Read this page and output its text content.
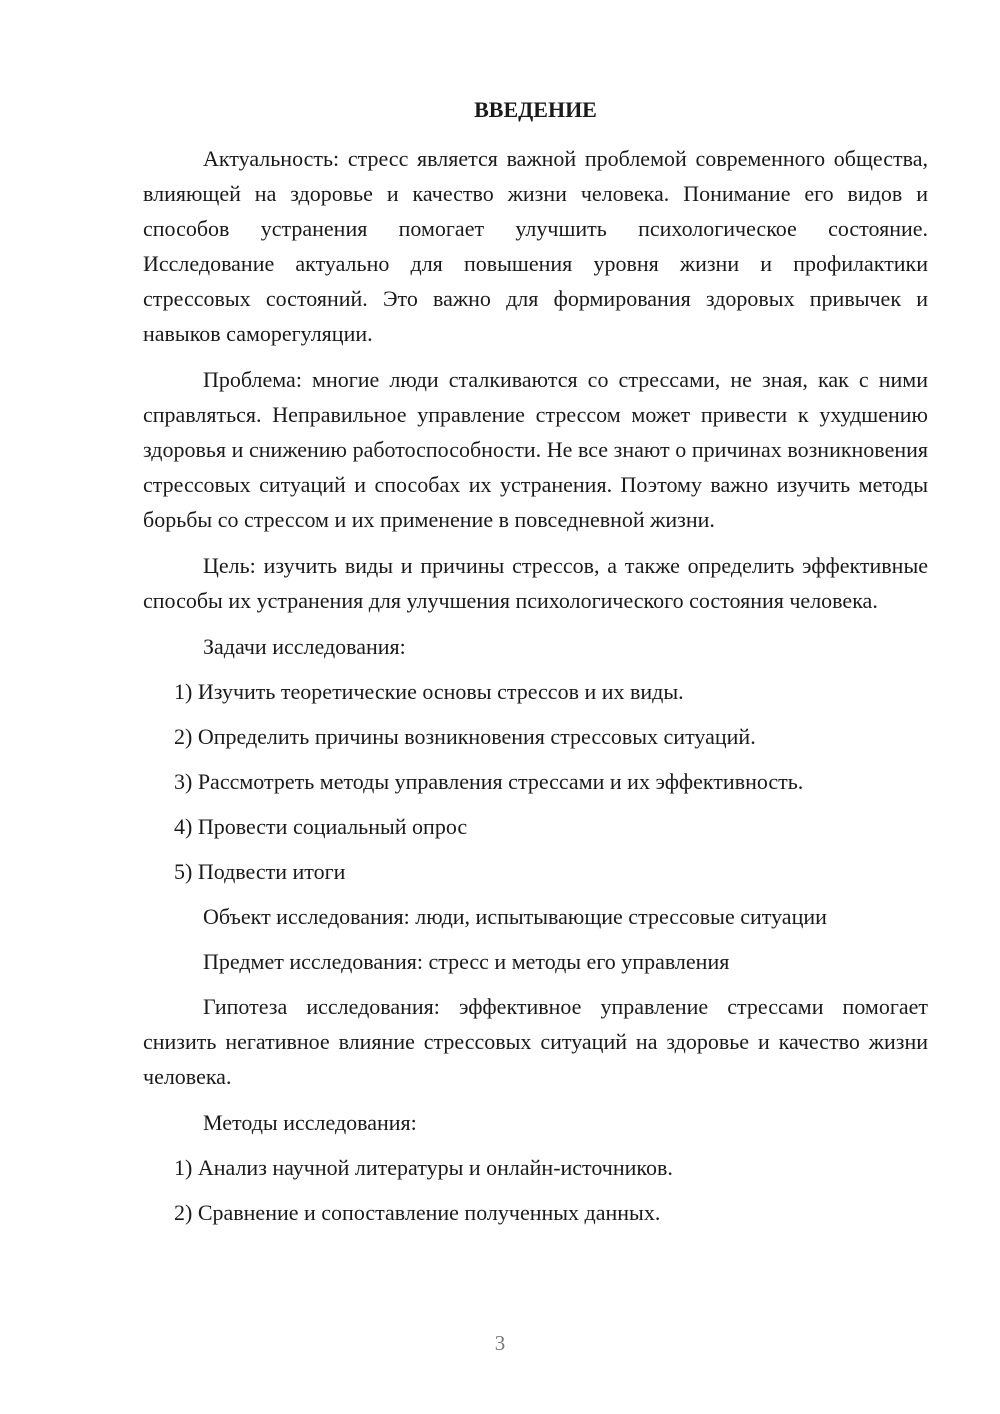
ВВЕДЕНИЕ

Актуальность: стресс является важной проблемой современного общества, влияющей на здоровье и качество жизни человека. Понимание его видов и способов устранения помогает улучшить психологическое состояние. Исследование актуально для повышения уровня жизни и профилактики стрессовых состояний. Это важно для формирования здоровых привычек и навыков саморегуляции.

Проблема: многие люди сталкиваются со стрессами, не зная, как с ними справляться. Неправильное управление стрессом может привести к ухудшению здоровья и снижению работоспособности. Не все знают о причинах возникновения стрессовых ситуаций и способах их устранения. Поэтому важно изучить методы борьбы со стрессом и их применение в повседневной жизни.

Цель: изучить виды и причины стрессов, а также определить эффективные способы их устранения для улучшения психологического состояния человека.

Задачи исследования:
1) Изучить теоретические основы стрессов и их виды.
2) Определить причины возникновения стрессовых ситуаций.
3) Рассмотреть методы управления стрессами и их эффективность.
4) Провести социальный опрос
5) Подвести итоги
Объект исследования: люди, испытывающие стрессовые ситуации
Предмет исследования: стресс и методы его управления

Гипотеза исследования: эффективное управление стрессами помогает снизить негативное влияние стрессовых ситуаций на здоровье и качество жизни человека.

Методы исследования:
1) Анализ научной литературы и онлайн-источников.
2) Сравнение и сопоставление полученных данных.
3
